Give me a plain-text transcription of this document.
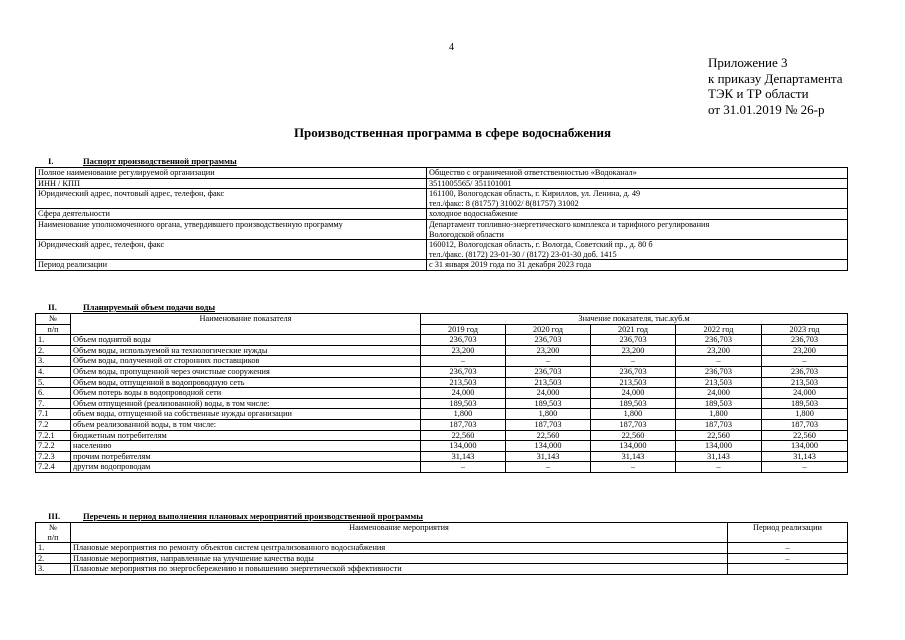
4
Приложение 3
к приказу Департамента
ТЭК и ТР области
от 31.01.2019 № 26-р
Производственная программа в сфере водоснабжения
I.	Паспорт производственной программы
Полное наименование регулируемой организации	Общество с ограниченной ответственностью «Водоканал»

ИНН / КПП	3511005565/ 351101001

Юридический адрес, почтовый адрес, телефон, факс	161100, Вологодская область, г. Кириллов, ул. Ленина, д. 49
тел./факс: 8 (81757) 31002/ 8(81757) 31002

Сфера деятельности	холодное водоснабжение

Наименование уполномоченного органа, утвердившего производственную программу	Департамент топливно-энергетического комплекса и тарифного регулирования
Вологодской области

Юридический адрес, телефон, факс	160012, Вологодская область, г. Вологда, Советский пр., д. 80 б
тел./факс. (8172) 23-01-30 / (8172) 23-01-30 доб. 1415

Период реализации	с 31 января 2019 года по 31 декабря 2023 года
II.	Планируемый объем подачи воды
№	Наименование показателя	Значение показателя, тыс.куб.м				
п/п		2019 год	2020 год	2021 год	2022 год	2023 год
1.	Объем поднятой воды	236,703	236,703	236,703	236,703	236,703
2.	Объем воды, используемой на технологические нужды	23,200	23,200	23,200	23,200	23,200
3.	Объем воды, полученной от сторонних поставщиков	–	–	–	–	–
4.	Объем воды, пропущенной через очистные сооружения	236,703	236,703	236,703	236,703	236,703
5.	Объем воды, отпущенной в водопроводную сеть	213,503	213,503	213,503	213,503	213,503
6.	Объем потерь воды в водопроводной сети	24,000	24,000	24,000	24,000	24,000
7.	Объем отпущенной (реализованной) воды, в том числе:	189,503	189,503	189,503	189,503	189,503
7.1	объем воды, отпущенной на собственные нужды организации	1,800	1,800	1,800	1,800	1,800
7.2	объем реализованной воды, в том числе:	187,703	187,703	187,703	187,703	187,703
7.2.1	бюджетным потребителям	22,560	22,560	22,560	22,560	22,560
7.2.2	населению	134,000	134,000	134,000	134,000	134,000
7.2.3	прочим потребителям	31,143	31,143	31,143	31,143	31,143
7.2.4	другим водопроводам	–	–	–	–	–
III.	Перечень и период выполнения плановых мероприятий производственной программы
№	Наименование мероприятия	Период реализации
п/п		
1.	Плановые мероприятия по ремонту объектов систем централизованного водоснабжения	–
2.	Плановые мероприятия, направленные на улучшение качества воды	–
3.	Плановые мероприятия по энергосбережению и повышению энергетической эффективности	
